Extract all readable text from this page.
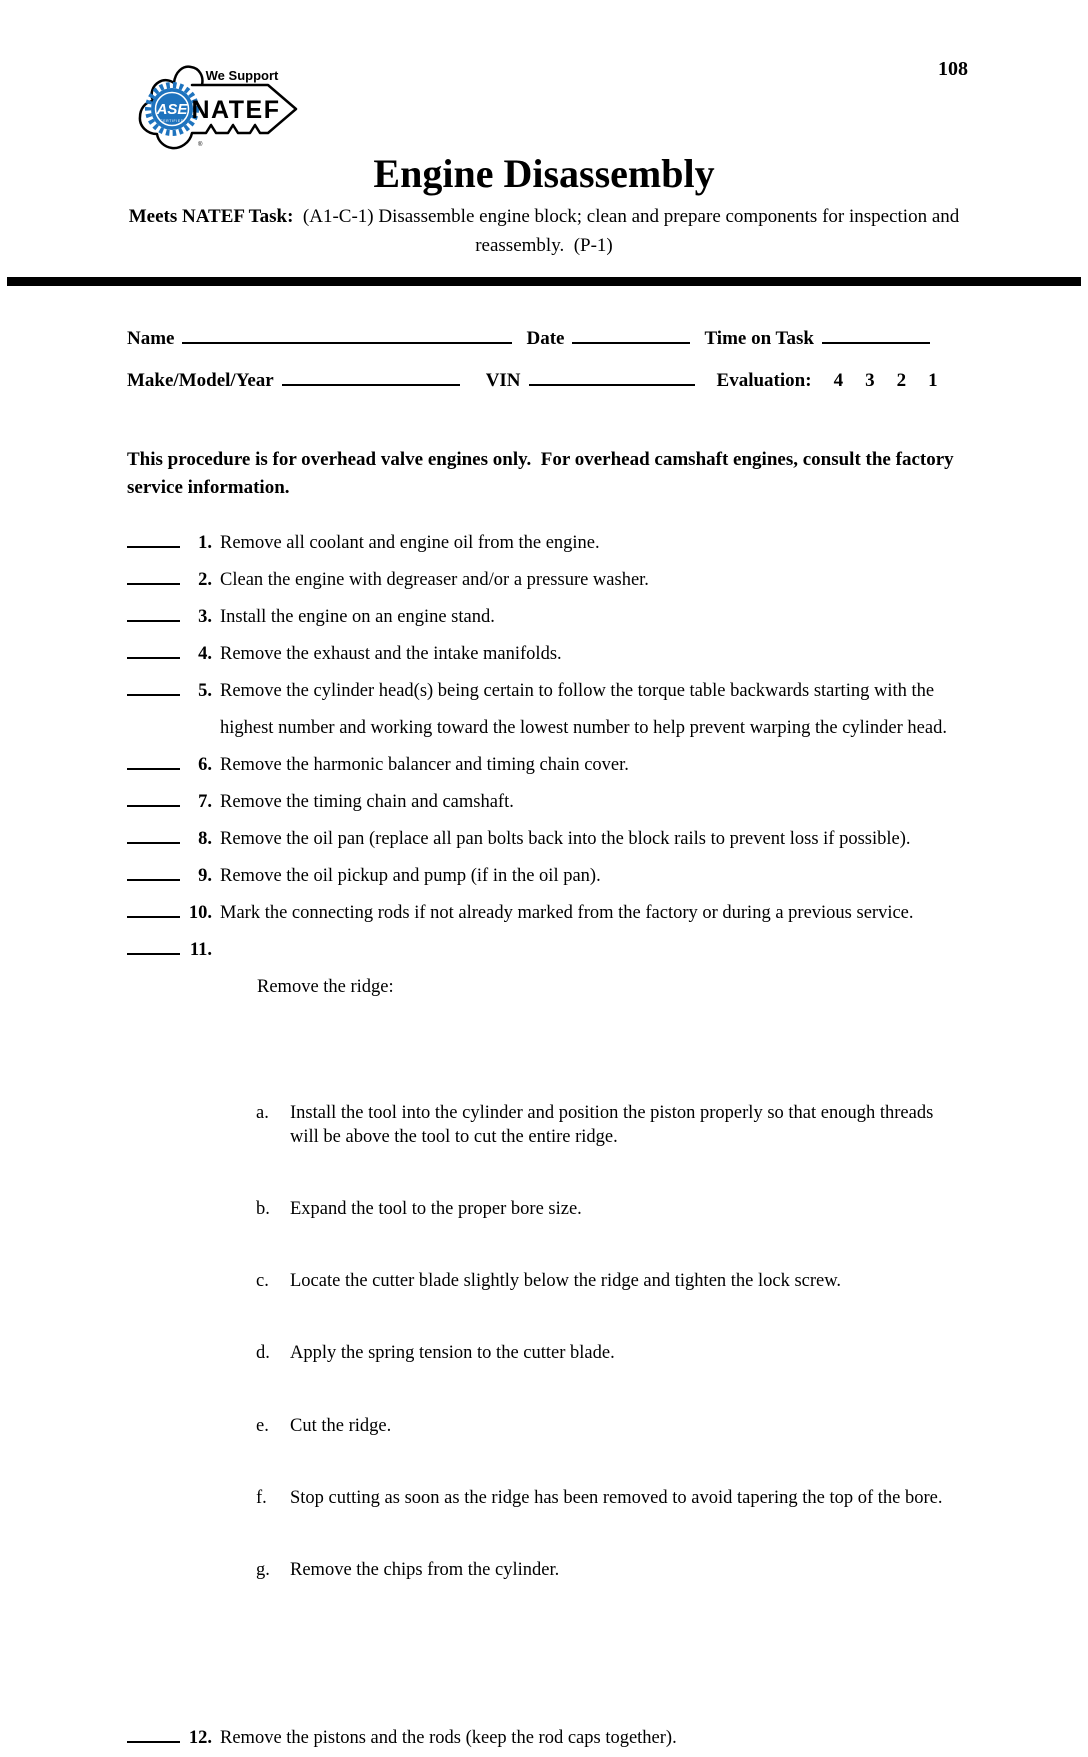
108
ASE
CERTIFIED
We Support
NATEF
®
Engine Disassembly
Meets NATEF Task:  (A1-C-1) Disassemble engine block; clean and prepare components for inspection and reassembly.  (P-1)
Name	Date	Time on Task
Make/Model/Year	VIN	Evaluation: 4 3 2 1
This procedure is for overhead valve engines only.  For overhead camshaft engines, consult the factory service information.
1. Remove all coolant and engine oil from the engine.
2. Clean the engine with degreaser and/or a pressure washer.
3. Install the engine on an engine stand.
4. Remove the exhaust and the intake manifolds.
5. Remove the cylinder head(s) being certain to follow the torque table backwards starting with the highest number and working toward the lowest number to help prevent warping the cylinder head.
6. Remove the harmonic balancer and timing chain cover.
7. Remove the timing chain and camshaft.
8. Remove the oil pan (replace all pan bolts back into the block rails to prevent loss if possible).
9. Remove the oil pickup and pump (if in the oil pan).
10. Mark the connecting rods if not already marked from the factory or during a previous service.
11.

Remove the ridge:

a.	Install the tool into the cylinder and position the piston properly so that enough threads will be above the tool to cut the entire ridge.

b.	Expand the tool to the proper bore size.

c.	Locate the cutter blade slightly below the ridge and tighten the lock screw.

d.	Apply the spring tension to the cutter blade.

e.	Cut the ridge.

f.	Stop cutting as soon as the ridge has been removed to avoid tapering the top of the bore.

g.	Remove the chips from the cylinder.

12. Remove the pistons and the rods (keep the rod caps together).
